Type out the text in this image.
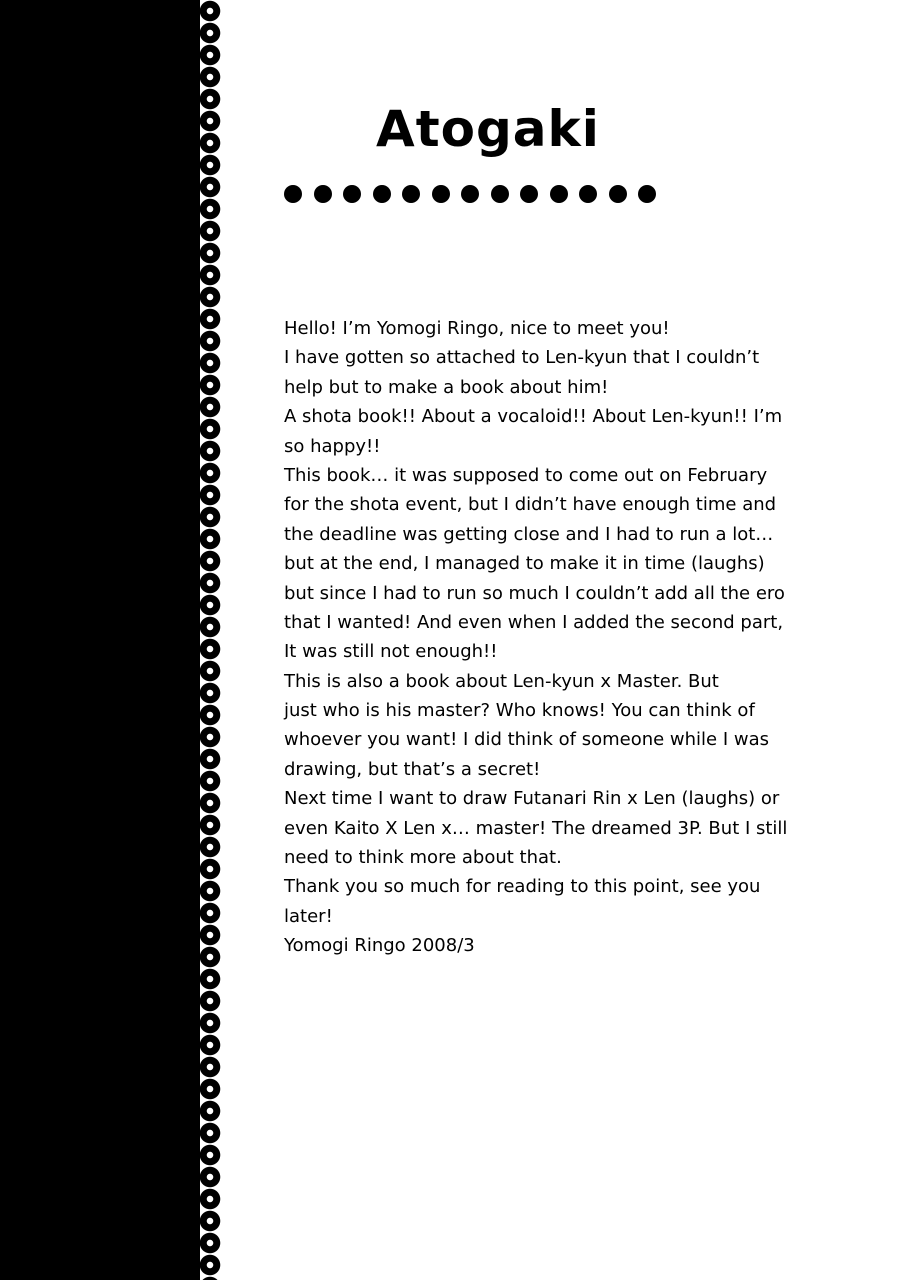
Atogaki
Hello! I’m Yomogi Ringo, nice to meet you!
I have gotten so attached to Len-kyun that I couldn’t
help but to make a book about him!
A shota book!! About a vocaloid!! About Len-kyun!! I’m
so happy!!
This book… it was supposed to come out on February
for the shota event, but I didn’t have enough time and
the deadline was getting close and I had to run a lot…
but at the end, I managed to make it in time (laughs)
but since I had to run so much I couldn’t add all the ero
that I wanted! And even when I added the second part,
It was still not enough!!
This is also a book about Len-kyun x Master. But
just who is his master? Who knows! You can think of
whoever you want! I did think of someone while I was
drawing, but that’s a secret!
Next time I want to draw Futanari Rin x Len (laughs) or
even Kaito X Len x… master! The dreamed 3P. But I still
need to think more about that.
Thank you so much for reading to this point, see you
later!
Yomogi Ringo 2008/3
